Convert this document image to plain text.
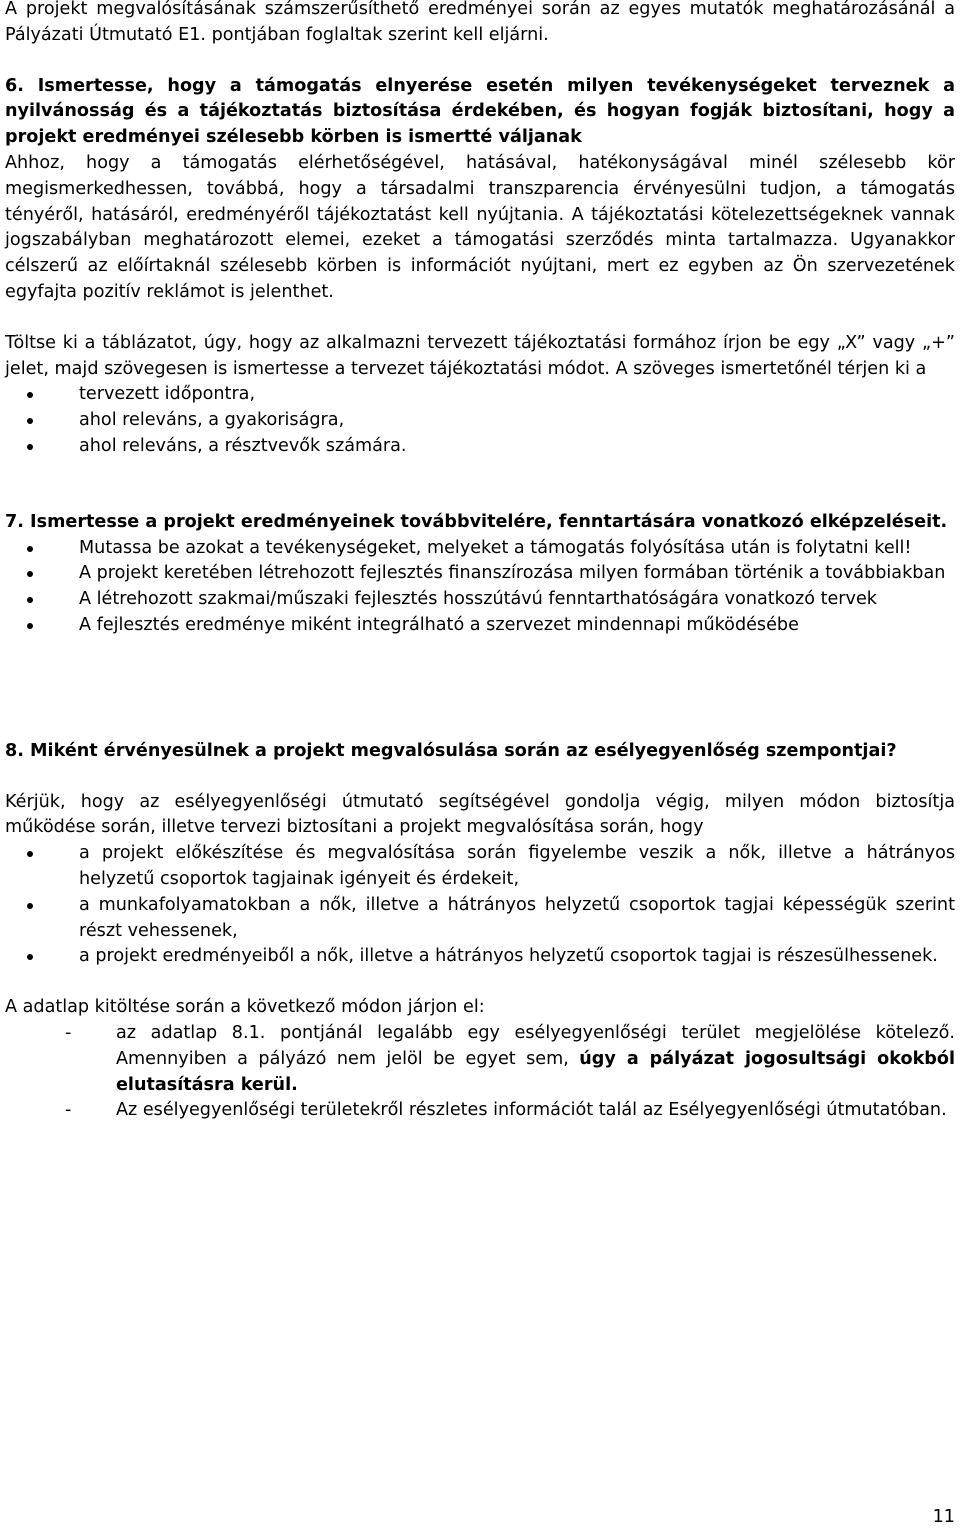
A projekt megvalósításának számszerűsíthető eredményei során az egyes mutatók meghatározásánál a Pályázati Útmutató E1. pontjában foglaltak szerint kell eljárni.

6. Ismertesse, hogy a támogatás elnyerése esetén milyen tevékenységeket terveznek a nyilvánosság és a tájékoztatás biztosítása érdekében, és hogyan fogják biztosítani, hogy a projekt eredményei szélesebb körben is ismertté váljanak

Ahhoz, hogy a támogatás elérhetőségével, hatásával, hatékonyságával minél szélesebb kör megismerkedhessen, továbbá, hogy a társadalmi transzparencia érvényesülni tudjon, a támogatás tényéről, hatásáról, eredményéről tájékoztatást kell nyújtania. A tájékoztatási kötelezettségeknek vannak jogszabályban meghatározott elemei, ezeket a támogatási szerződés minta tartalmazza. Ugyanakkor célszerű az előírtaknál szélesebb körben is információt nyújtani, mert ez egyben az Ön szervezetének egyfajta pozitív reklámot is jelenthet.

Töltse ki a táblázatot, úgy, hogy az alkalmazni tervezett tájékoztatási formához írjon be egy „X” vagy „+” jelet, majd szövegesen is ismertesse a tervezet tájékoztatási módot. A szöveges ismertetőnél térjen ki a

tervezett időpontra,
ahol releváns, a gyakoriságra,
ahol releváns, a résztvevők számára.

7. Ismertesse a projekt eredményeinek továbbvitelére, fenntartására vonatkozó elképzeléseit.

Mutassa be azokat a tevékenységeket, melyeket a támogatás folyósítása után is folytatni kell!
A projekt keretében létrehozott fejlesztés finanszírozása milyen formában történik a továbbiakban
A létrehozott szakmai/műszaki fejlesztés hosszútávú fenntarthatóságára vonatkozó tervek
A fejlesztés eredménye miként integrálható a szervezet mindennapi működésébe

8. Miként érvényesülnek a projekt megvalósulása során az esélyegyenlőség szempontjai?

Kérjük, hogy az esélyegyenlőségi útmutató segítségével gondolja végig, milyen módon biztosítja működése során, illetve tervezi biztosítani a projekt megvalósítása során, hogy

a projekt előkészítése és megvalósítása során figyelembe veszik a nők, illetve a hátrányos helyzetű csoportok tagjainak igényeit és érdekeit,
a munkafolyamatokban a nők, illetve a hátrányos helyzetű csoportok tagjai képességük szerint részt vehessenek,
a projekt eredményeiből a nők, illetve a hátrányos helyzetű csoportok tagjai is részesülhessenek.

A adatlap kitöltése során a következő módon járjon el:

- az adatlap 8.1. pontjánál legalább egy esélyegyenlőségi terület megjelölése kötelező. Amennyiben a pályázó nem jelöl be egyet sem, úgy a pályázat jogosultsági okokból elutasításra kerül.
- Az esélyegyenlőségi területekről részletes információt talál az Esélyegyenlőségi útmutatóban.
11
